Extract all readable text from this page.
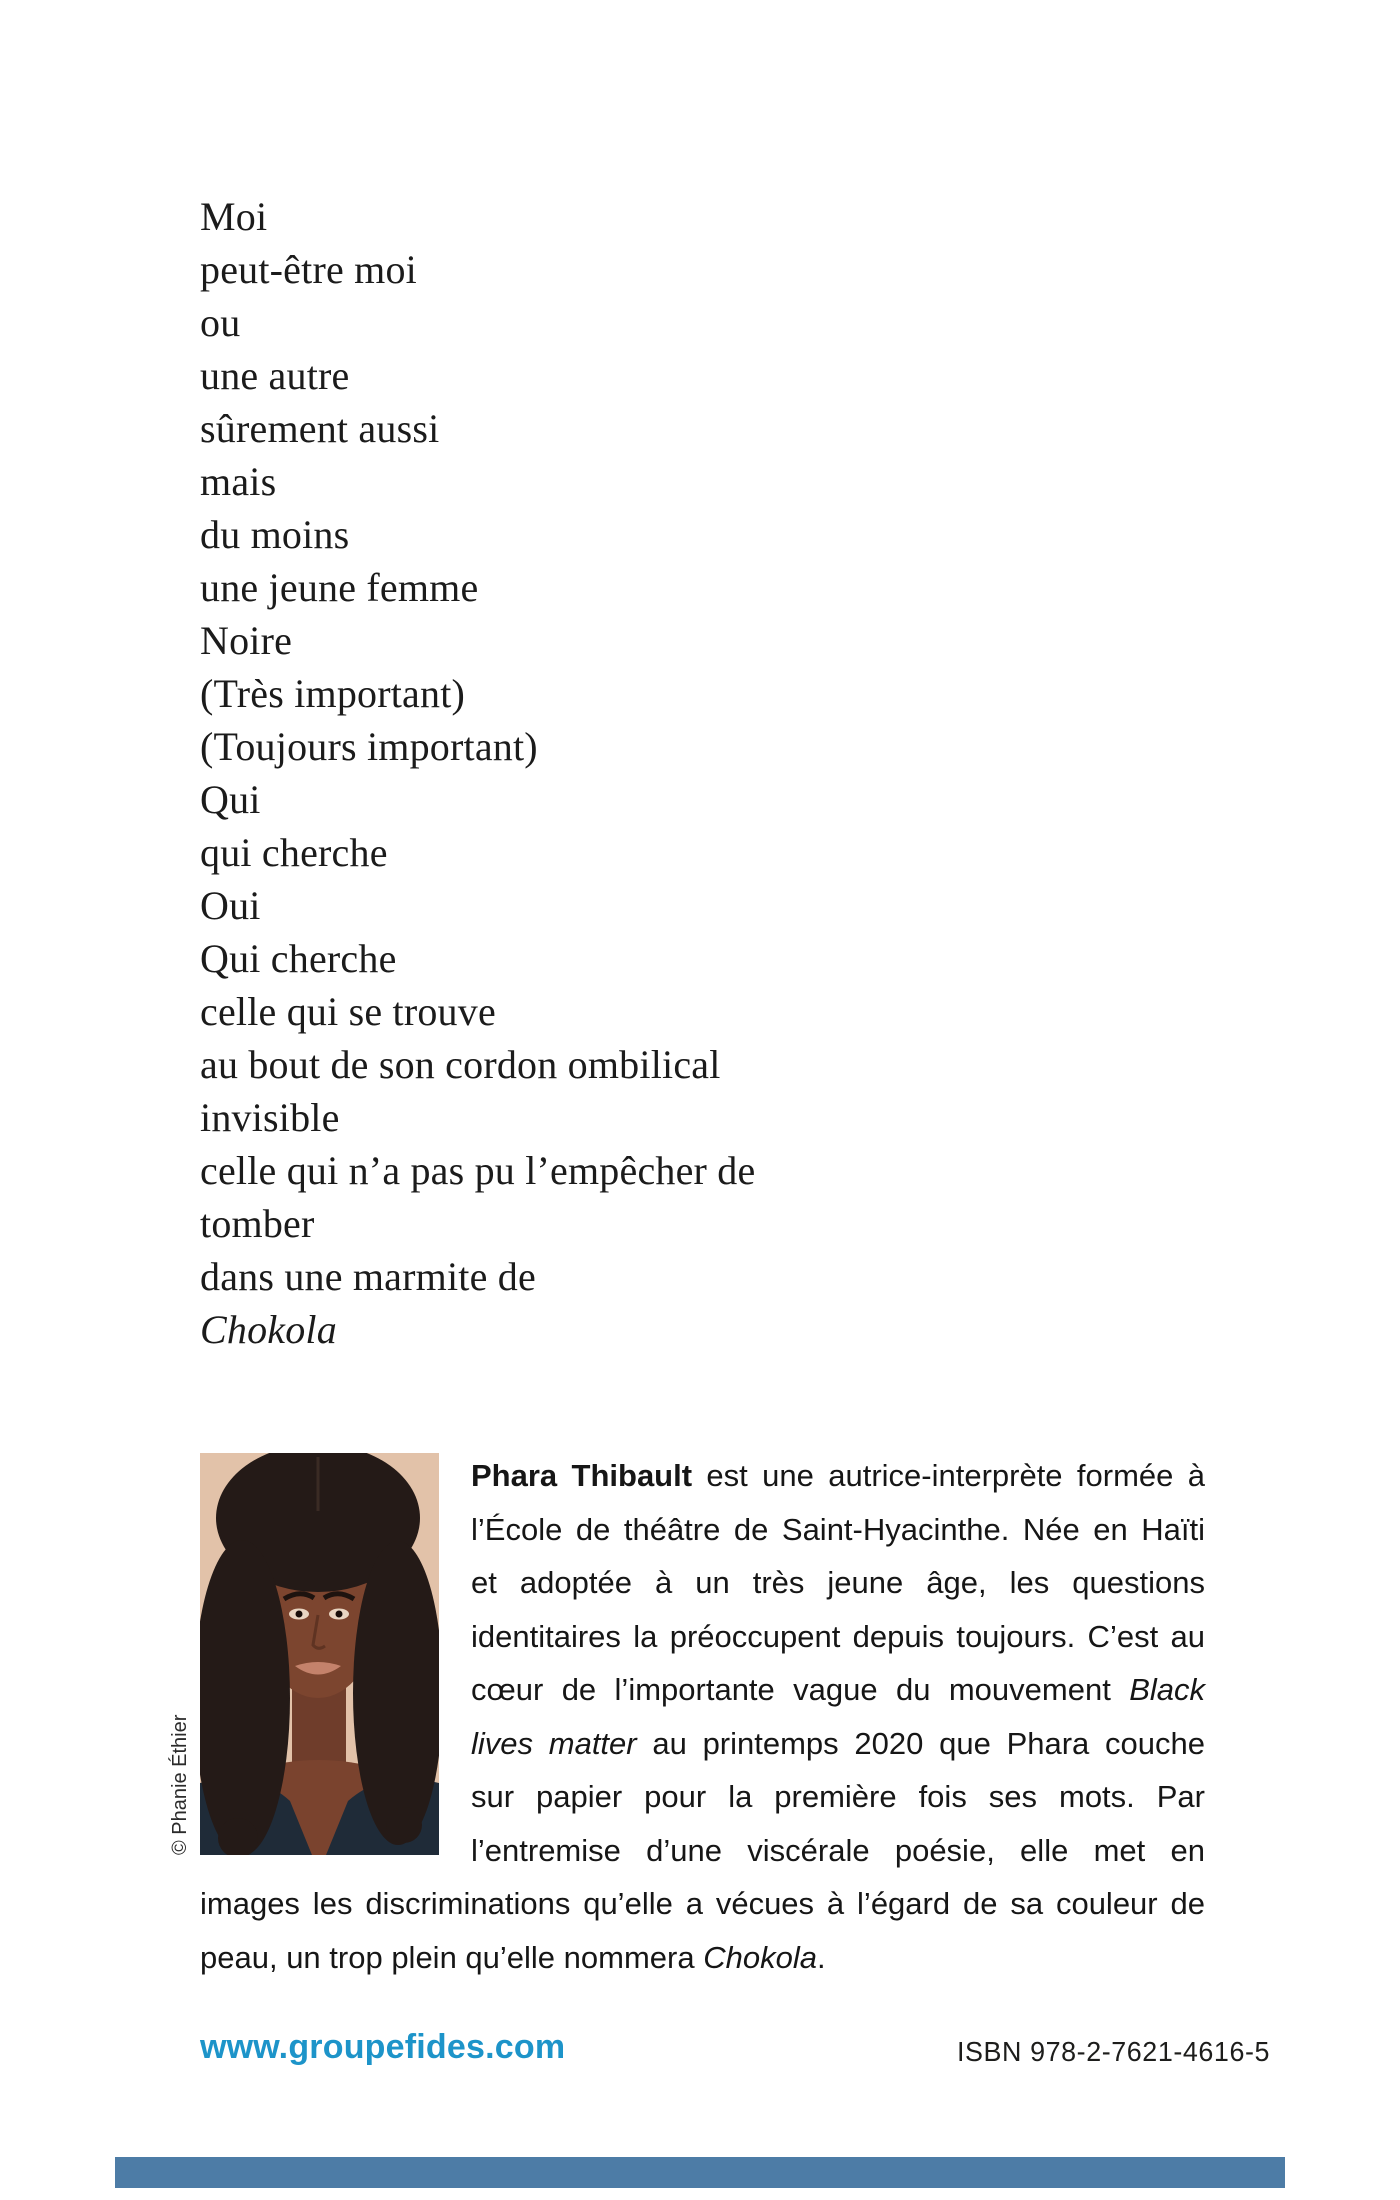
Moi
peut-être moi
ou
une autre
sûrement aussi
mais
du moins
une jeune femme
Noire
(Très important)
(Toujours important)
Qui
qui cherche
Oui
Qui cherche
celle qui se trouve
au bout de son cordon ombilical
invisible
celle qui n’a pas pu l’empêcher de
tomber
dans une marmite de
Chokola
© Phanie Éthier

Phara Thibault est une autrice-interprète formée à l’École de théâtre de Saint-Hyacinthe. Née en Haïti et adoptée à un très jeune âge, les questions identitaires la préoccupent depuis toujours. C’est au cœur de l’importante vague du mouvement Black lives matter au printemps 2020 que Phara couche sur papier pour la première fois ses mots. Par l’entremise d’une viscérale poésie, elle met en images les discriminations qu’elle a vécues à l’égard de sa couleur de peau, un trop plein qu’elle nommera Chokola.

www.groupefides.com	ISBN 978-2-7621-4616-5
